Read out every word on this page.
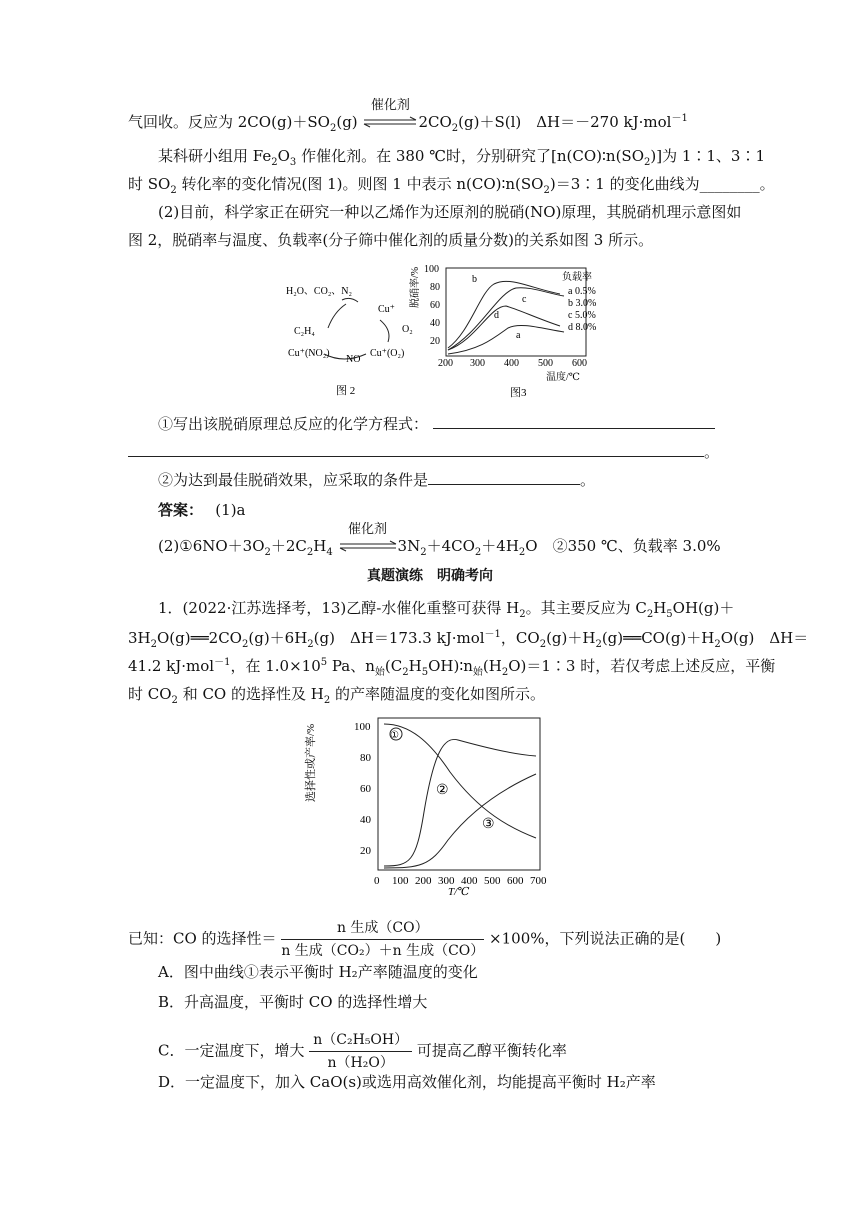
气回收。反应为 $2CO(g)+SO_2(g)$
催化剂
$2CO_2(g)+S(l)$　ΔH＝－270 kJ·mol$^{-1}$
某科研小组用 $Fe_2O_3$ 作催化剂。在 380 ℃时，分别研究了$[n(CO)∶n(SO_2)]$为 1∶1、3∶1
时 $SO_2$ 转化率的变化情况(图 1)。则图 1 中表示 $n(CO)∶n(SO_2)=3∶1$ 的变化曲线为________。
(2)目前，科学家正在研究一种以乙烯作为还原剂的脱硝(NO)原理，其脱硝机理示意图如
图 2，脱硝率与温度、负载率(分子筛中催化剂的质量分数)的关系如图 3 所示。
H₂O、CO₂、N₂
Cu⁺
O₂
C₂H₄
Cu⁺(NO₂)
NO
Cu⁺(O₂)
图 2
100
80
60
40
20
200 300 400 500 600
温度/℃
脱硝率/%	b
c
d
a
负载率
a 0.5%
b 3.0%
c 5.0%
d 8.0%
图3
①写出该脱硝原理总反应的化学方程式：
。
②为达到最佳脱硝效果，应采取的条件是	。
答案：　 (1)a
$(2)①6NO+3O_2+2C_2H_4$
催化剂
$3N_2+4CO_2+4H_2O$　②350 ℃、负载率 3.0%
真题演练　明确考向
1．(2022·江苏选择考，13)乙醇-水催化重整可获得 $H_2$。其主要反应为 $C_2H_5OH(g)+$
$3H_2O(g)══2CO_2(g)+6H_2(g)$　ΔH＝173.3 kJ·mol$^{-1}$，$CO_2(g)+H_2(g)══CO(g)+H_2O(g)$　ΔH＝
41.2 kJ·mol$^{-1}$，在 $1.0\times 10^5$ Pa、$n_始(C_2H_5OH)∶n_始(H_2O)=1∶3$ 时，若仅考虑上述反应，平衡
时 $CO_2$ 和 CO 的选择性及 $H_2$ 的产率随温度的变化如图所示。
100
80
60
40
20
0 100 200 300 400 500 600 700
T/℃
选择性或产率/%	①
②
③
已知：CO 的选择性＝ $\frac{\text{n 生成（CO）}}{\text{n 生成（CO₂）＋n 生成（CO）}} \times 100\%$，下列说法正确的是(　　)
A．图中曲线①表示平衡时 H₂产率随温度的变化
B．升高温度，平衡时 CO 的选择性增大
C．一定温度下，增大 $\frac{\text{n（C₂H₅OH）}}{\text{n（H₂O）}}$ 可提高乙醇平衡转化率
D．一定温度下，加入 CaO(s)或选用高效催化剂，均能提高平衡时 H₂产率
